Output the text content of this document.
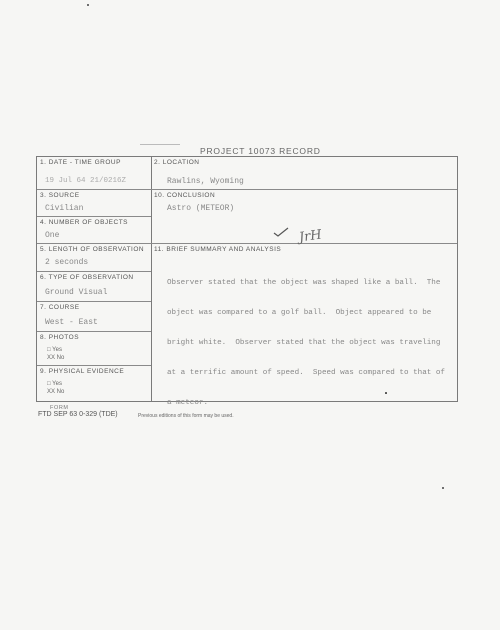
PROJECT 10073 RECORD
1. DATE - TIME GROUP
19 Jul 64 21/0216Z
3. SOURCE
Civilian
4. NUMBER OF OBJECTS
One
5. LENGTH OF OBSERVATION
2 seconds
6. TYPE OF OBSERVATION
Ground Visual
7. COURSE
West - East
8. PHOTOS
□ Yes
XX No
9. PHYSICAL EVIDENCE
□ Yes
XX No
2. LOCATION
Rawlins, Wyoming
10. CONCLUSION
Astro (METEOR)
JrH
11. BRIEF SUMMARY AND ANALYSIS

Observer stated that the object was shaped like a ball.  The

object was compared to a golf ball.  Object appeared to be

bright white.  Observer stated that the object was traveling

at a terrific amount of speed.  Speed was compared to that of

a meteor.

FORM
FTD SEP 63 0-329 (TDE)	Previous editions of this form may be used.
